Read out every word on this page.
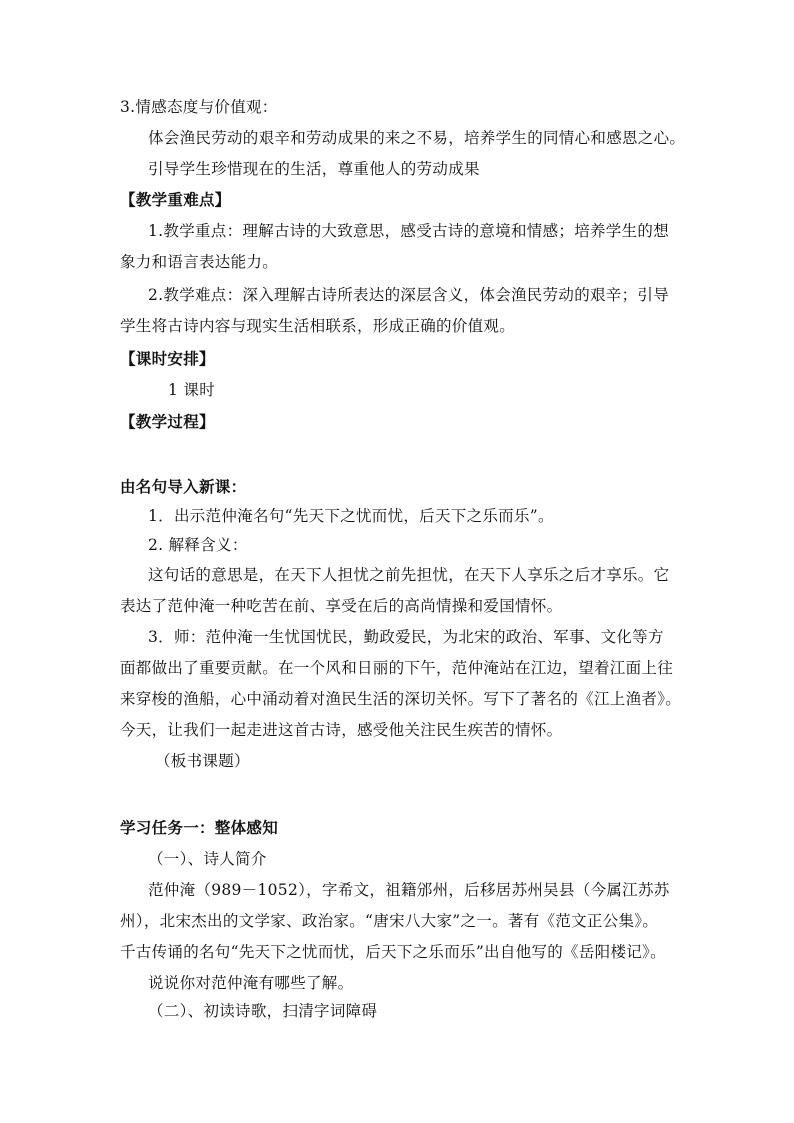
3.情感态度与价值观：
体会渔民劳动的艰辛和劳动成果的来之不易，培养学生的同情心和感恩之心。
引导学生珍惜现在的生活，尊重他人的劳动成果
【教学重难点】
1.教学重点：理解古诗的大致意思，感受古诗的意境和情感；培养学生的想
象力和语言表达能力。
2.教学难点：深入理解古诗所表达的深层含义，体会渔民劳动的艰辛；引导
学生将古诗内容与现实生活相联系，形成正确的价值观。
【课时安排】
1 课时
【教学过程】
由名句导入新课：
1．出示范仲淹名句“先天下之忧而忧，后天下之乐而乐”。
2. 解释含义：
这句话的意思是，在天下人担忧之前先担忧，在天下人享乐之后才享乐。它
表达了范仲淹一种吃苦在前、享受在后的高尚情操和爱国情怀。
3．师：范仲淹一生忧国忧民，勤政爱民，为北宋的政治、军事、文化等方
面都做出了重要贡献。在一个风和日丽的下午，范仲淹站在江边，望着江面上往
来穿梭的渔船，心中涌动着对渔民生活的深切关怀。写下了著名的《江上渔者》。
今天，让我们一起走进这首古诗，感受他关注民生疾苦的情怀。
（板书课题）
学习任务一：整体感知
（一）、诗人简介
范仲淹（989－1052），字希文，祖籍邠州，后移居苏州吴县（今属江苏苏
州），北宋杰出的文学家、政治家。“唐宋八大家”之一。著有《范文正公集》。
千古传诵的名句“先天下之忧而忧，后天下之乐而乐”出自他写的《岳阳楼记》。
说说你对范仲淹有哪些了解。
（二）、初读诗歌，扫清字词障碍
